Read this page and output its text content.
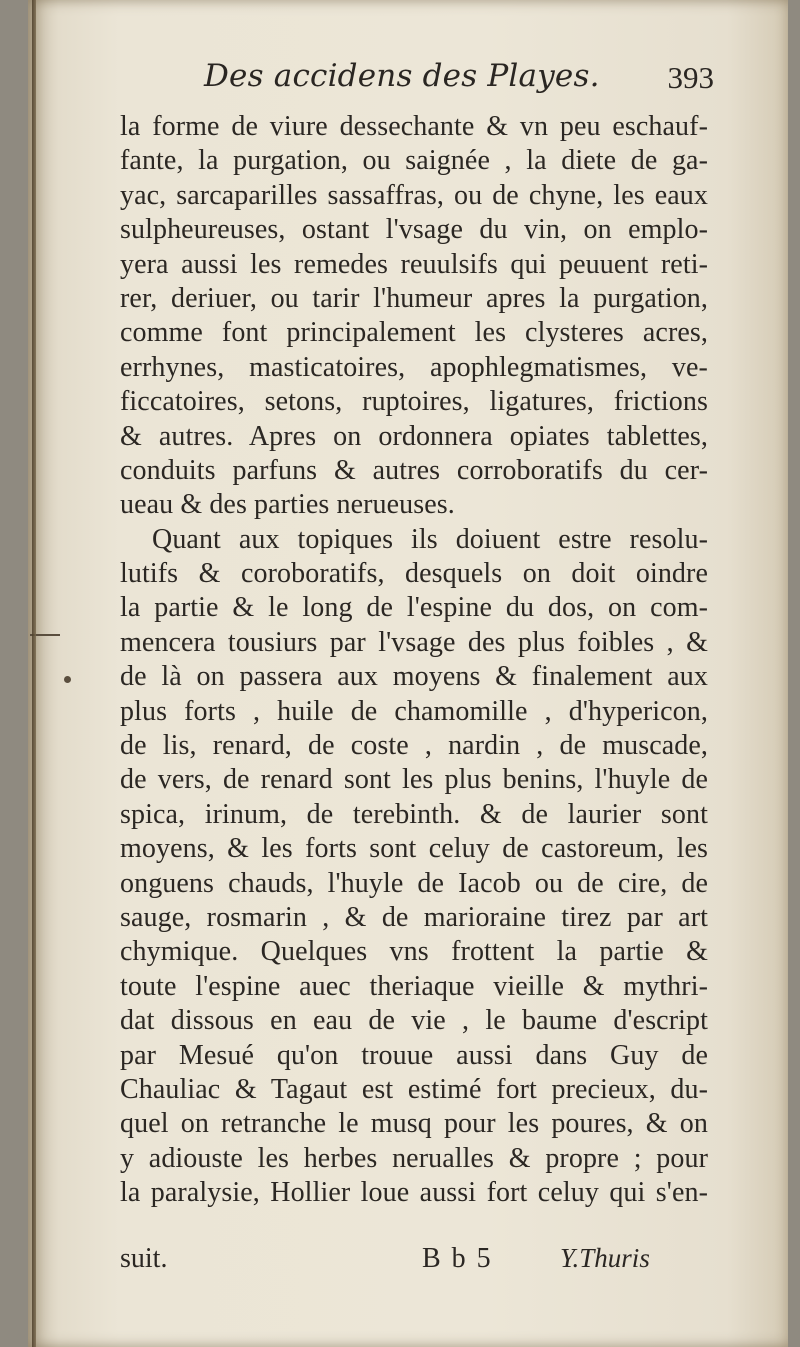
Des accidens des Playes. 393
la forme de viure dessechante & vn peu eschauf-
fante, la purgation, ou saignée , la diete de ga-
yac, sarcaparilles sassaffras, ou de chyne, les eaux
sulpheureuses, ostant l'vsage du vin, on emplo-
yera aussi les remedes reuulsifs qui peuuent reti-
rer, deriuer, ou tarir l'humeur apres la purgation,
comme font principalement les clysteres acres,
errhynes, masticatoires, apophlegmatismes, ve-
ficcatoires, setons, ruptoires, ligatures, frictions
& autres. Apres on ordonnera opiates tablettes,
conduits parfuns & autres corroboratifs du cer-
ueau & des parties nerueuses.
Quant aux topiques ils doiuent estre resolu-
lutifs & coroboratifs, desquels on doit oindre
la partie & le long de l'espine du dos, on com-
mencera tousiurs par l'vsage des plus foibles , &
de là on passera aux moyens & finalement aux
plus forts , huile de chamomille , d'hypericon,
de lis, renard, de coste , nardin , de muscade,
de vers, de renard sont les plus benins, l'huyle de
spica, irinum, de terebinth. & de laurier sont
moyens, & les forts sont celuy de castoreum, les
onguens chauds, l'huyle de Iacob ou de cire, de
sauge, rosmarin , & de marioraine tirez par art
chymique. Quelques vns frottent la partie &
toute l'espine auec theriaque vieille & mythri-
dat dissous en eau de vie , le baume d'escript
par Mesué qu'on trouue aussi dans Guy de
Chauliac & Tagaut est estimé fort precieux, du-
quel on retranche le musq pour les poures, & on
y adiouste les herbes nerualles & propre ; pour
la paralysie, Hollier loue aussi fort celuy qui s'en-
suit.	B b 5 Y.Thuris
